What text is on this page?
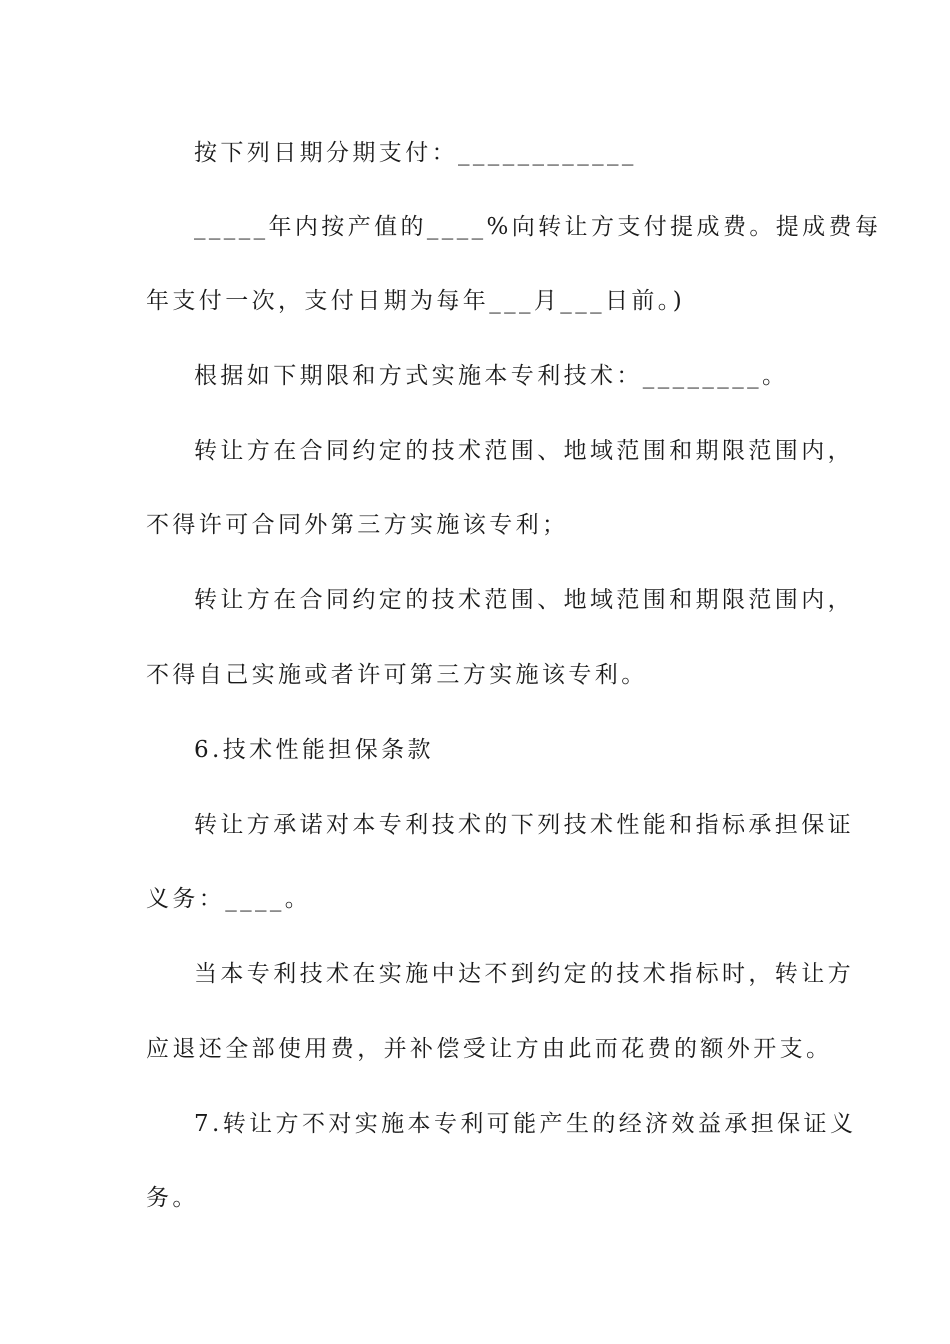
按下列日期分期支付：____________
_____年内按产值的____%向转让方支付提成费。提成费每
年支付一次，支付日期为每年___月___日前。)
根据如下期限和方式实施本专利技术：________。
转让方在合同约定的技术范围、地域范围和期限范围内，
不得许可合同外第三方实施该专利；
转让方在合同约定的技术范围、地域范围和期限范围内，
不得自己实施或者许可第三方实施该专利。
6.技术性能担保条款
转让方承诺对本专利技术的下列技术性能和指标承担保证
义务：____。
当本专利技术在实施中达不到约定的技术指标时，转让方
应退还全部使用费，并补偿受让方由此而花费的额外开支。
7.转让方不对实施本专利可能产生的经济效益承担保证义
务。
